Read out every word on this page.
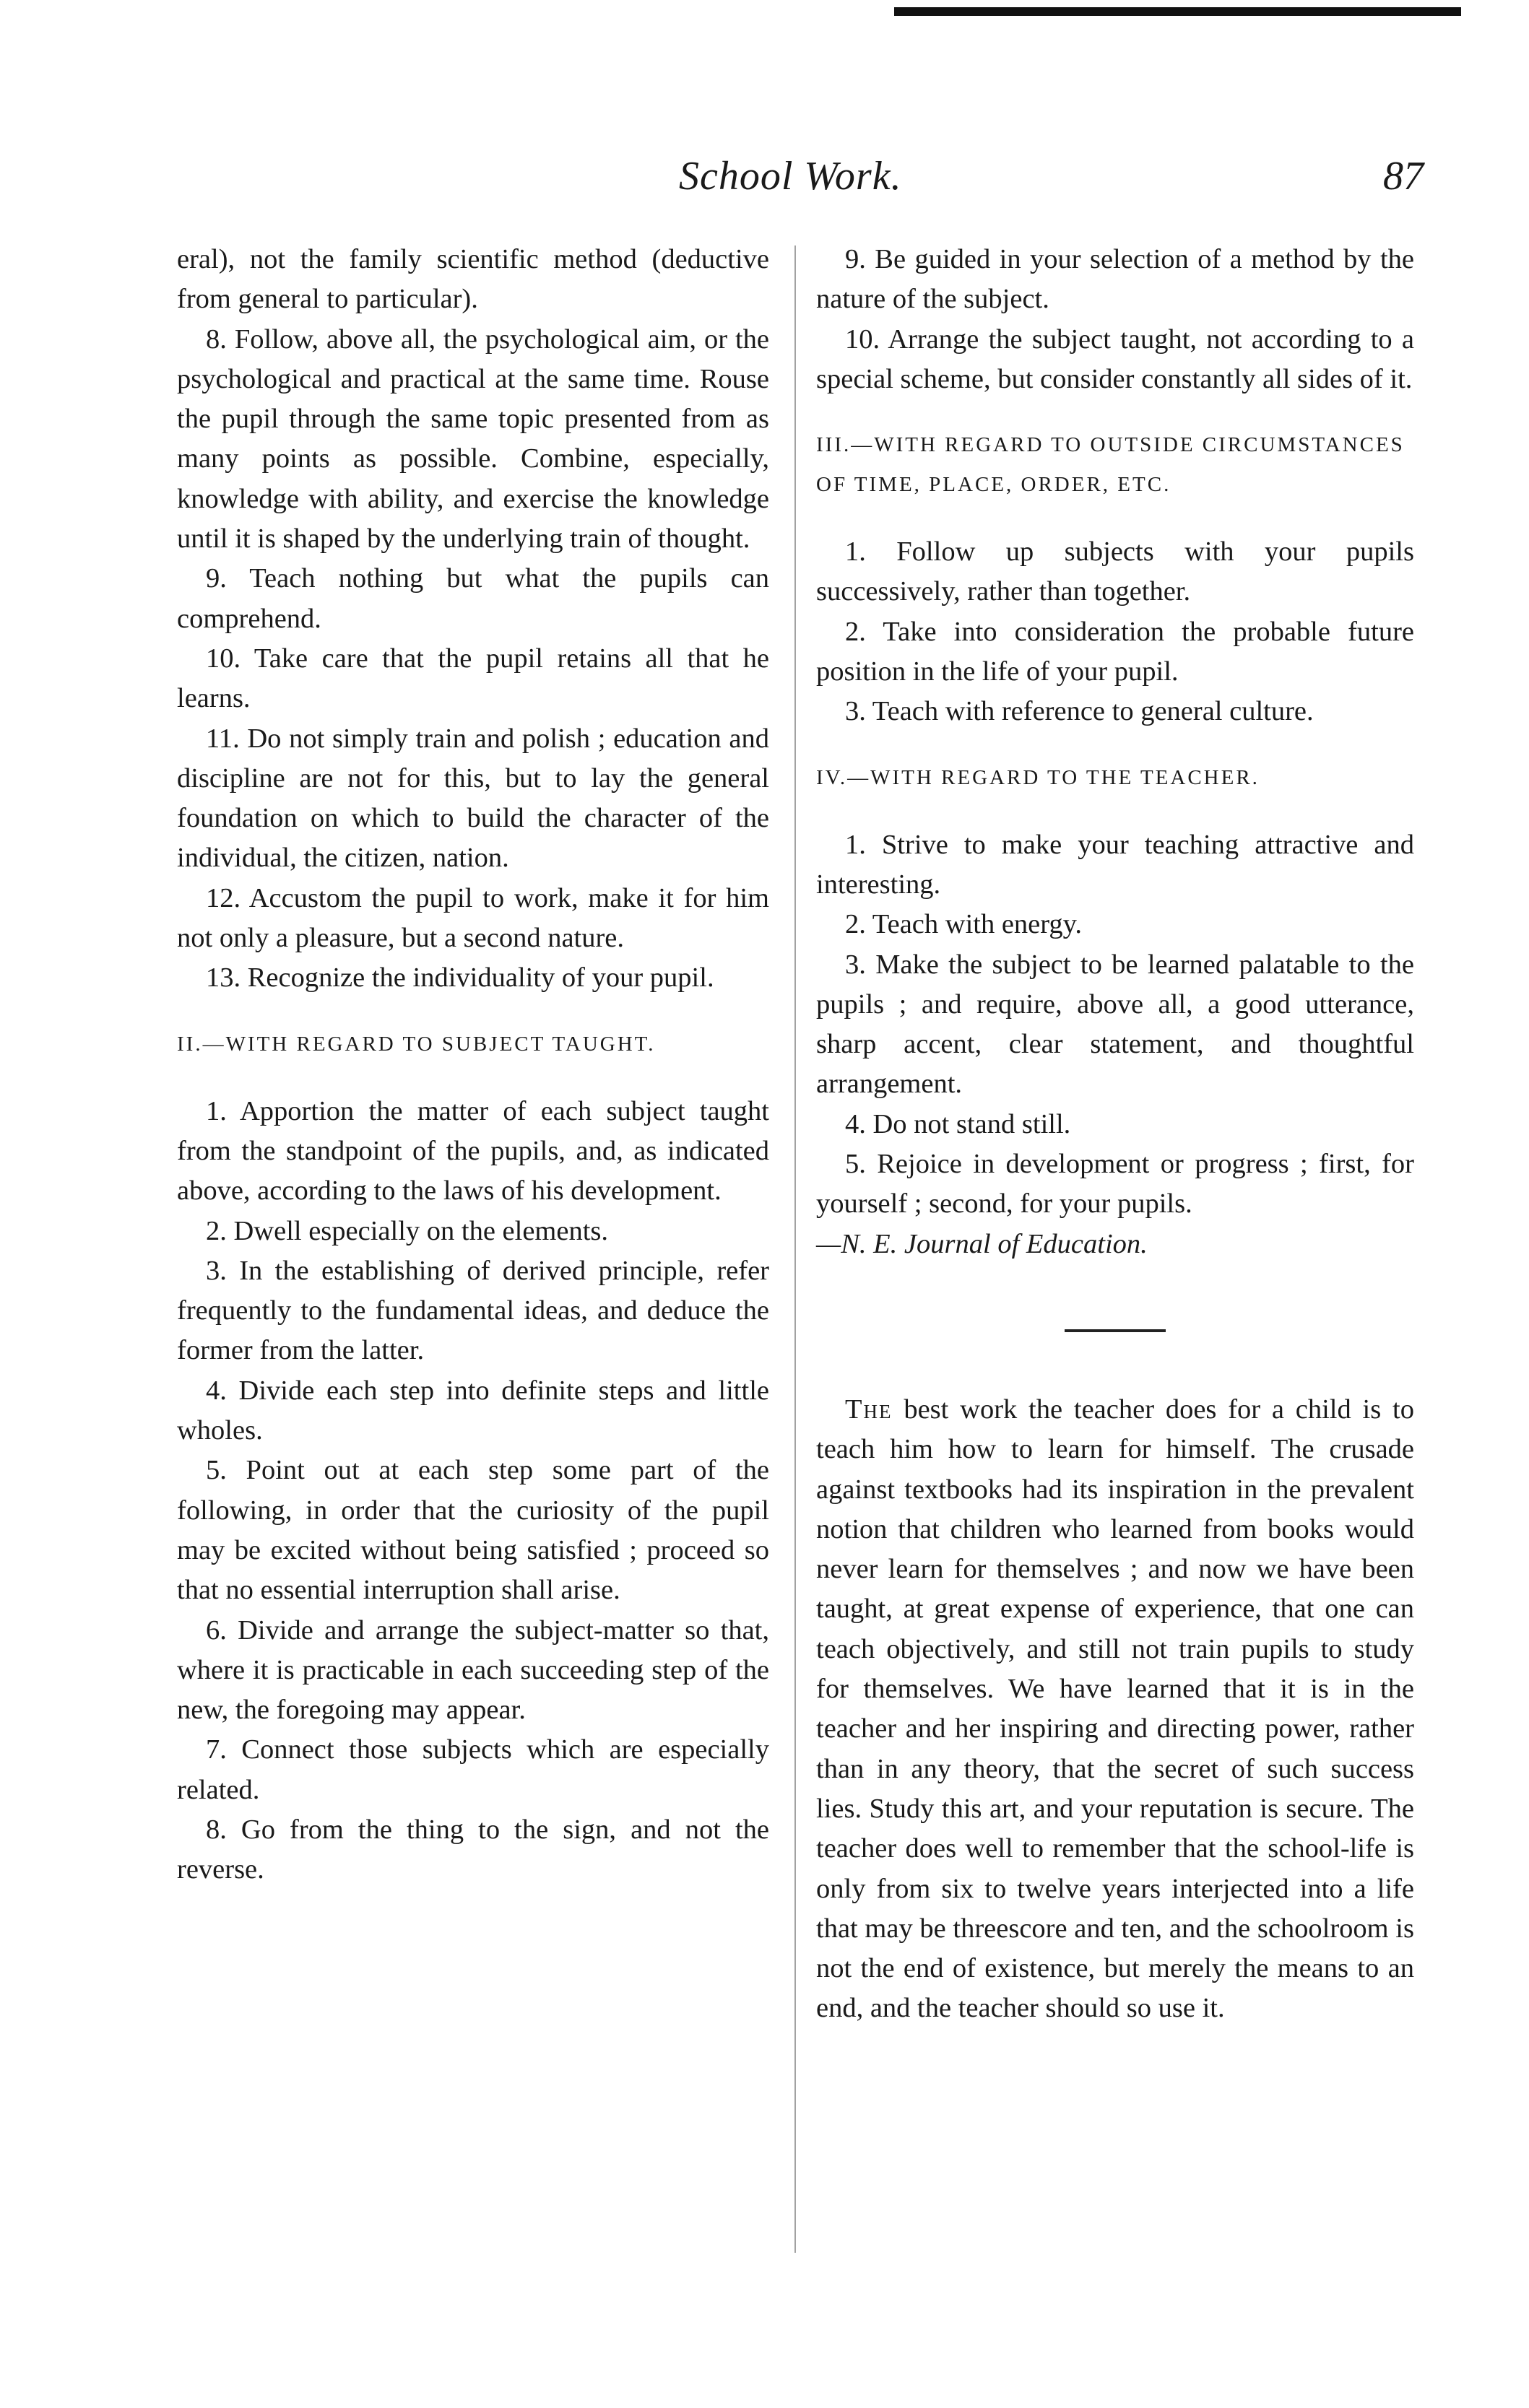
School Work.	87

eral), not the family scientific method (deductive from general to particular).

8. Follow, above all, the psychological aim, or the psychological and practical at the same time. Rouse the pupil through the same topic presented from as many points as possible. Combine, especially, knowledge with ability, and exercise the knowledge until it is shaped by the underlying train of thought.

9. Teach nothing but what the pupils can comprehend.

10. Take care that the pupil retains all that he learns.

11. Do not simply train and polish ; education and discipline are not for this, but to lay the general foundation on which to build the character of the individual, the citizen, nation.

12. Accustom the pupil to work, make it for him not only a pleasure, but a second nature.

13. Recognize the individuality of your pupil.

II.—WITH REGARD TO SUBJECT TAUGHT.

1. Apportion the matter of each subject taught from the standpoint of the pupils, and, as indicated above, according to the laws of his development.

2. Dwell especially on the elements.

3. In the establishing of derived principle, refer frequently to the fundamental ideas, and deduce the former from the latter.

4. Divide each step into definite steps and little wholes.

5. Point out at each step some part of the following, in order that the curiosity of the pupil may be excited without being satisfied ; proceed so that no essential interruption shall arise.

6. Divide and arrange the subject-matter so that, where it is practicable in each succeeding step of the new, the foregoing may appear.

7. Connect those subjects which are especially related.

8. Go from the thing to the sign, and not the reverse.

9. Be guided in your selection of a method by the nature of the subject.

10. Arrange the subject taught, not according to a special scheme, but consider constantly all sides of it.

III.—WITH REGARD TO OUTSIDE CIRCUMSTANCES OF TIME, PLACE, ORDER, ETC.

1. Follow up subjects with your pupils successively, rather than together.

2. Take into consideration the probable future position in the life of your pupil.

3. Teach with reference to general culture.

IV.—WITH REGARD TO THE TEACHER.

1. Strive to make your teaching attractive and interesting.

2. Teach with energy.

3. Make the subject to be learned palatable to the pupils ; and require, above all, a good utterance, sharp accent, clear statement, and thoughtful arrangement.

4. Do not stand still.

5. Rejoice in development or progress ; first, for yourself ; second, for your pupils.

—N. E. Journal of Education.

The best work the teacher does for a child is to teach him how to learn for himself. The crusade against textbooks had its inspiration in the prevalent notion that children who learned from books would never learn for themselves ; and now we have been taught, at great expense of experience, that one can teach objectively, and still not train pupils to study for themselves. We have learned that it is in the teacher and her inspiring and directing power, rather than in any theory, that the secret of such success lies. Study this art, and your reputation is secure. The teacher does well to remember that the school-life is only from six to twelve years interjected into a life that may be threescore and ten, and the schoolroom is not the end of existence, but merely the means to an end, and the teacher should so use it.
